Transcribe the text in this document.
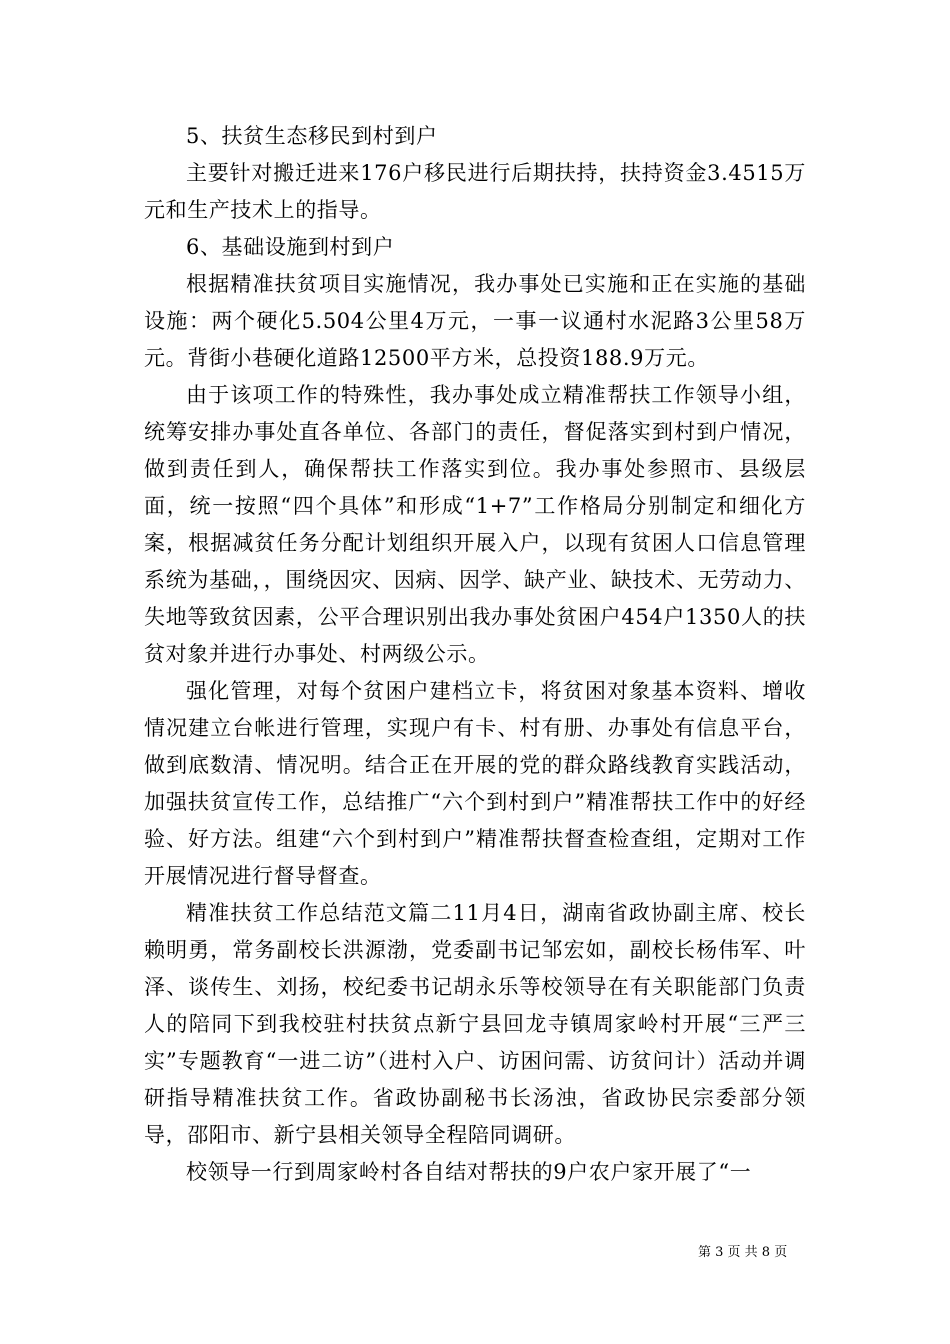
5、扶贫生态移民到村到户

主要针对搬迁进来176户移民进行后期扶持，扶持资金3.4515万元和生产技术上的指导。

6、基础设施到村到户

根据精准扶贫项目实施情况，我办事处已实施和正在实施的基础设施：两个硬化5.504公里4万元，一事一议通村水泥路3公里58万元。背街小巷硬化道路12500平方米，总投资188.9万元。

由于该项工作的特殊性，我办事处成立精准帮扶工作领导小组，统筹安排办事处直各单位、各部门的责任，督促落实到村到户情况，做到责任到人，确保帮扶工作落实到位。我办事处参照市、县级层面，统一按照“四个具体”和形成“1+7”工作格局分别制定和细化方案，根据减贫任务分配计划组织开展入户，以现有贫困人口信息管理系统为基础，，围绕因灾、因病、因学、缺产业、缺技术、无劳动力、失地等致贫因素，公平合理识别出我办事处贫困户454户1350人的扶贫对象并进行办事处、村两级公示。

强化管理，对每个贫困户建档立卡，将贫困对象基本资料、增收情况建立台帐进行管理，实现户有卡、村有册、办事处有信息平台，做到底数清、情况明。结合正在开展的党的群众路线教育实践活动，加强扶贫宣传工作，总结推广“六个到村到户”精准帮扶工作中的好经验、好方法。组建“六个到村到户”精准帮扶督查检查组，定期对工作开展情况进行督导督查。

精准扶贫工作总结范文篇二11月4日，湖南省政协副主席、校长赖明勇，常务副校长洪源渤，党委副书记邹宏如，副校长杨伟军、叶泽、谈传生、刘扬，校纪委书记胡永乐等校领导在有关职能部门负责人的陪同下到我校驻村扶贫点新宁县回龙寺镇周家岭村开展“三严三实”专题教育“一进二访”（进村入户、访困问需、访贫问计）活动并调研指导精准扶贫工作。省政协副秘书长汤浊，省政协民宗委部分领导，邵阳市、新宁县相关领导全程陪同调研。

校领导一行到周家岭村各自结对帮扶的9户农户家开展了“一

第 3 页 共 8 页
